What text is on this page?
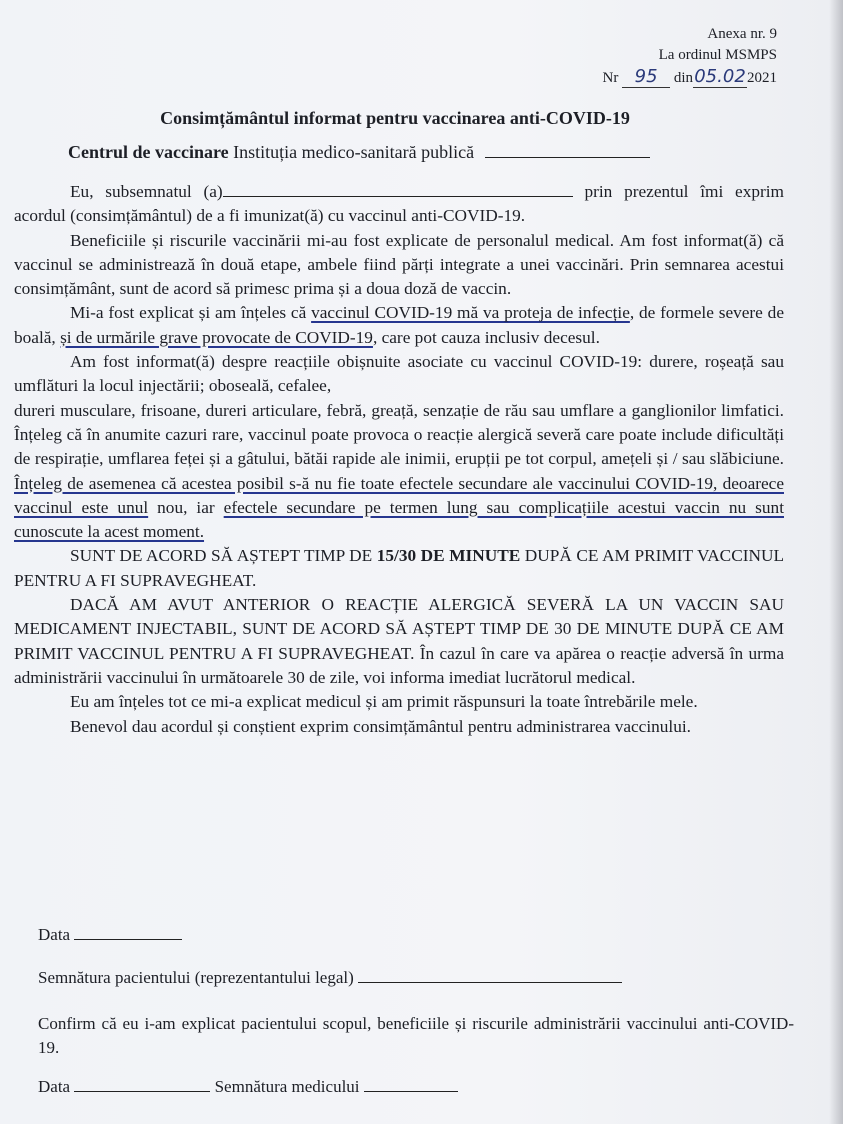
Anexa nr. 9
La ordinul MSMPS
Nr 95 din05.022021
Consimțământul informat pentru vaccinarea anti-COVID-19
Centrul de vaccinare Instituția medico-sanitară publică

Eu, subsemnatul (a)	prin prezentul îmi exprim acordul (consimțământul) de a fi imunizat(ă) cu vaccinul anti-COVID-19.

Beneficiile și riscurile vaccinării mi-au fost explicate de personalul medical. Am fost informat(ă) că vaccinul se administrează în două etape, ambele fiind părți integrate a unei vaccinări. Prin semnarea acestui consimțământ, sunt de acord să primesc prima și a doua doză de vaccin.

Mi-a fost explicat și am înțeles că vaccinul COVID-19 mă va proteja de infecție, de formele severe de boală, și de urmările grave provocate de COVID-19, care pot cauza inclusiv decesul.

Am fost informat(ă) despre reacțiile obișnuite asociate cu vaccinul COVID-19: durere, roșeață sau umflături la locul injectării; oboseală, cefalee,

dureri musculare, frisoane, dureri articulare, febră, greață, senzație de rău sau umflare a ganglionilor limfatici. Înțeleg că în anumite cazuri rare, vaccinul poate provoca o reacție alergică severă care poate include dificultăți de respirație, umflarea feței și a gâtului, bătăi rapide ale inimii, erupții pe tot corpul, amețeli și / sau slăbiciune. Înțeleg de asemenea că acestea posibil s-ă nu fie toate efectele secundare ale vaccinului COVID-19, deoarece vaccinul este unul nou, iar efectele secundare pe termen lung sau complicațiile acestui vaccin nu sunt cunoscute la acest moment.

SUNT DE ACORD SĂ AȘTEPT TIMP DE 15/30 DE MINUTE DUPĂ CE AM PRIMIT VACCINUL PENTRU A FI SUPRAVEGHEAT.

DACĂ AM AVUT ANTERIOR O REACȚIE ALERGICĂ SEVERĂ LA UN VACCIN SAU MEDICAMENT INJECTABIL, SUNT DE ACORD SĂ AȘTEPT TIMP DE 30 DE MINUTE DUPĂ CE AM PRIMIT VACCINUL PENTRU A FI SUPRAVEGHEAT. În cazul în care va apărea o reacție adversă în urma administrării vaccinului în următoarele 30 de zile, voi informa imediat lucrătorul medical.

Eu am înțeles tot ce mi-a explicat medicul și am primit răspunsuri la toate întrebările mele.

Benevol dau acordul și conștient exprim consimțământul pentru administrarea vaccinului.

Data
Semnătura pacientului (reprezentantului legal)
Confirm că eu i-am explicat pacientului scopul, beneficiile și riscurile administrării vaccinului anti-COVID-19.
Data	Semnătura medicului
